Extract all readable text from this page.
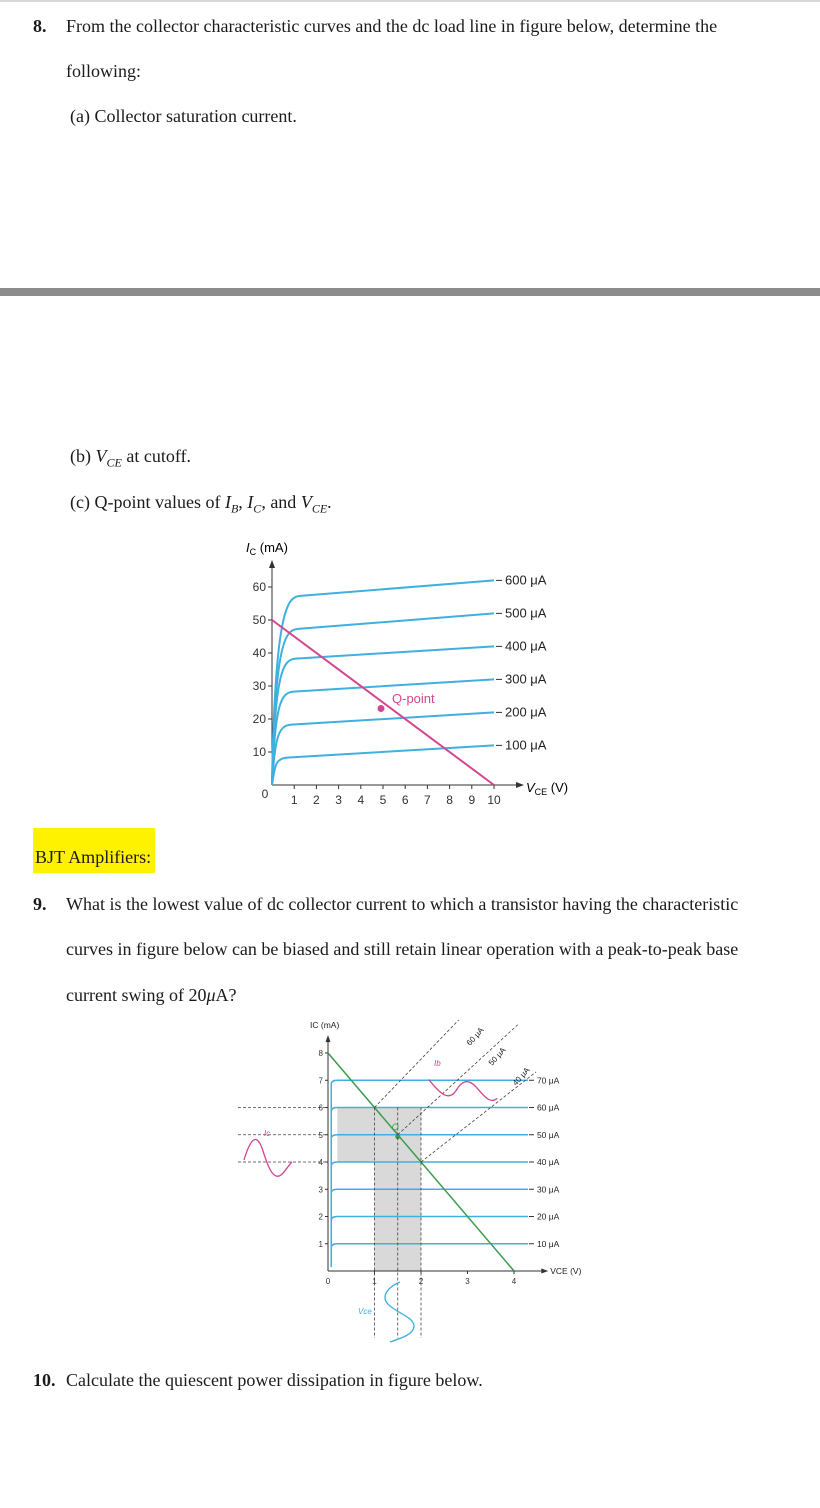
8. From the collector characteristic curves and the dc load line in figure below, determine the
following:
(a) Collector saturation current.
(b) $V_{CE}$ at cutoff.
(c) Q-point values of $I_B$, $I_C$, and $V_{CE}$.
10
20
30
40
50
60
0 1 2 3 4 5 6 7 8 9 10
100 μA
200 μA
300 μA
400 μA
500 μA
600 μA
$I_C$ (mA)
$V_{CE}$ (V)
Q-point
BJT Amplifiers:
9. What is the lowest value of dc collector current to which a transistor having the characteristic
curves in figure below can be biased and still retain linear operation with a peak-to-peak base
current swing of 20μA?
1
2
3
4
5
6
7
8
0	1	2	3	4
10 μA
20 μA
30 μA
40 μA
50 μA
60 μA
70 μA
Q
60 μA
50 μA
40 μA
Ib
Ic
Vce
IC (mA)
VCE (V)
10. Calculate the quiescent power dissipation in figure below.
